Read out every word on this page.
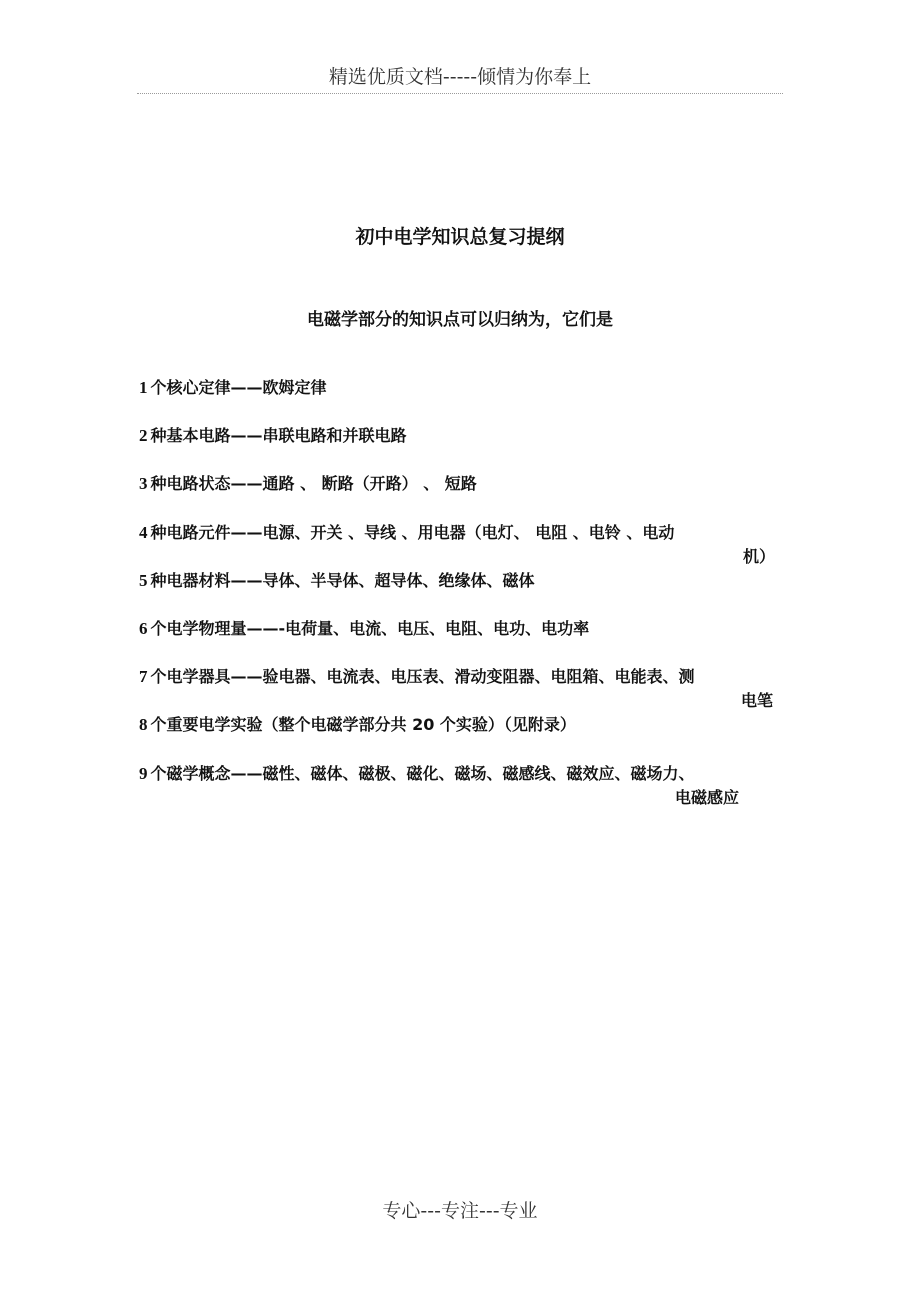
精选优质文档-----倾情为你奉上
初中电学知识总复习提纲
电磁学部分的知识点可以归纳为，它们是
1 个核心定律——欧姆定律
2 种基本电路——串联电路和并联电路
3 种电路状态——通路 、 断路（开路） 、 短路
4 种电路元件——电源、开关 、导线 、用电器（电灯、 电阻 、电铃 、电动
机）
5 种电器材料——导体、半导体、超导体、绝缘体、磁体
6 个电学物理量——-电荷量、电流、电压、电阻、电功、电功率
7 个电学器具——验电器、电流表、电压表、滑动变阻器、电阻箱、电能表、测
电笔
8 个重要电学实验（整个电磁学部分共 20 个实验）（见附录）
9 个磁学概念——磁性、磁体、磁极、磁化、磁场、磁感线、磁效应、磁场力、
电磁感应
专心---专注---专业
